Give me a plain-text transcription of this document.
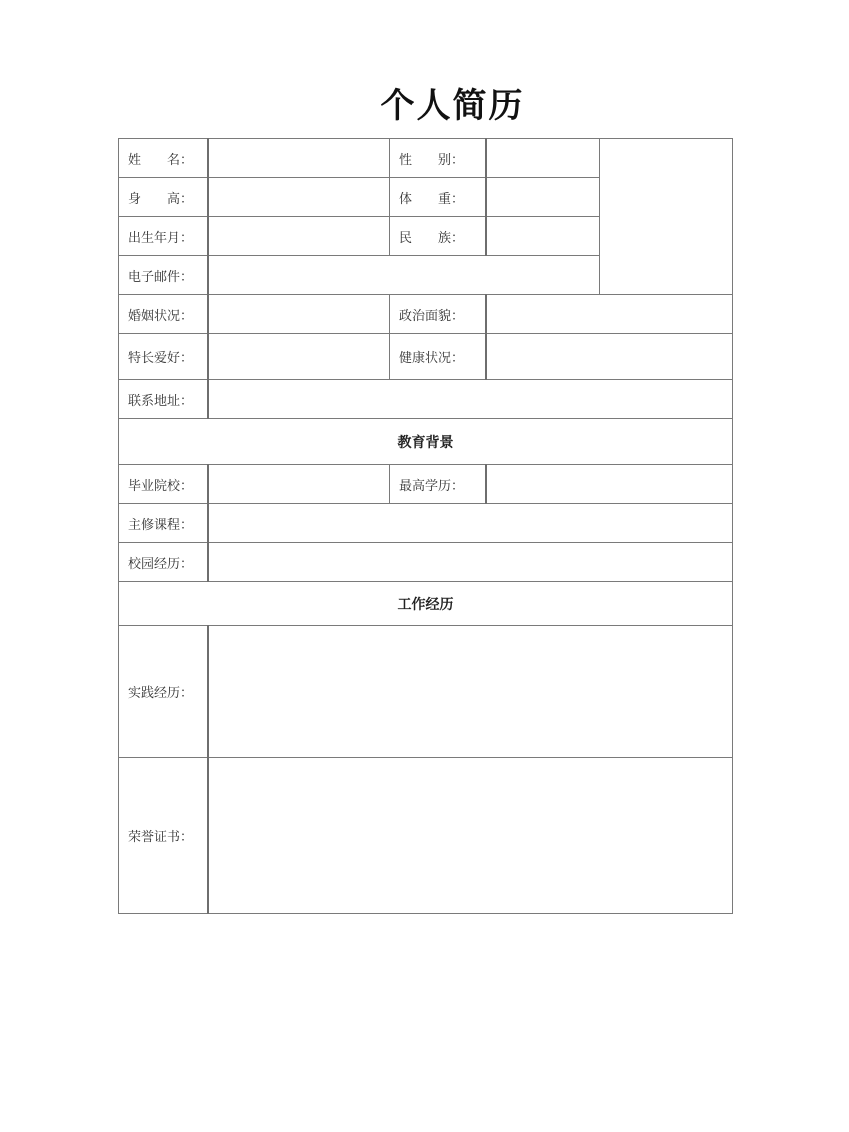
个人简历
姓　　名：		性　　别：		
身　　高：		体　　重：		
出生年月：		民　　族：		
电子邮件：				
婚姻状况：		政治面貌：		
特长爱好：		健康状况：		
联系地址：				
教育背景				
毕业院校：		最高学历：		
主修课程：				
校园经历：				
工作经历				
实践经历：				
荣誉证书：				
